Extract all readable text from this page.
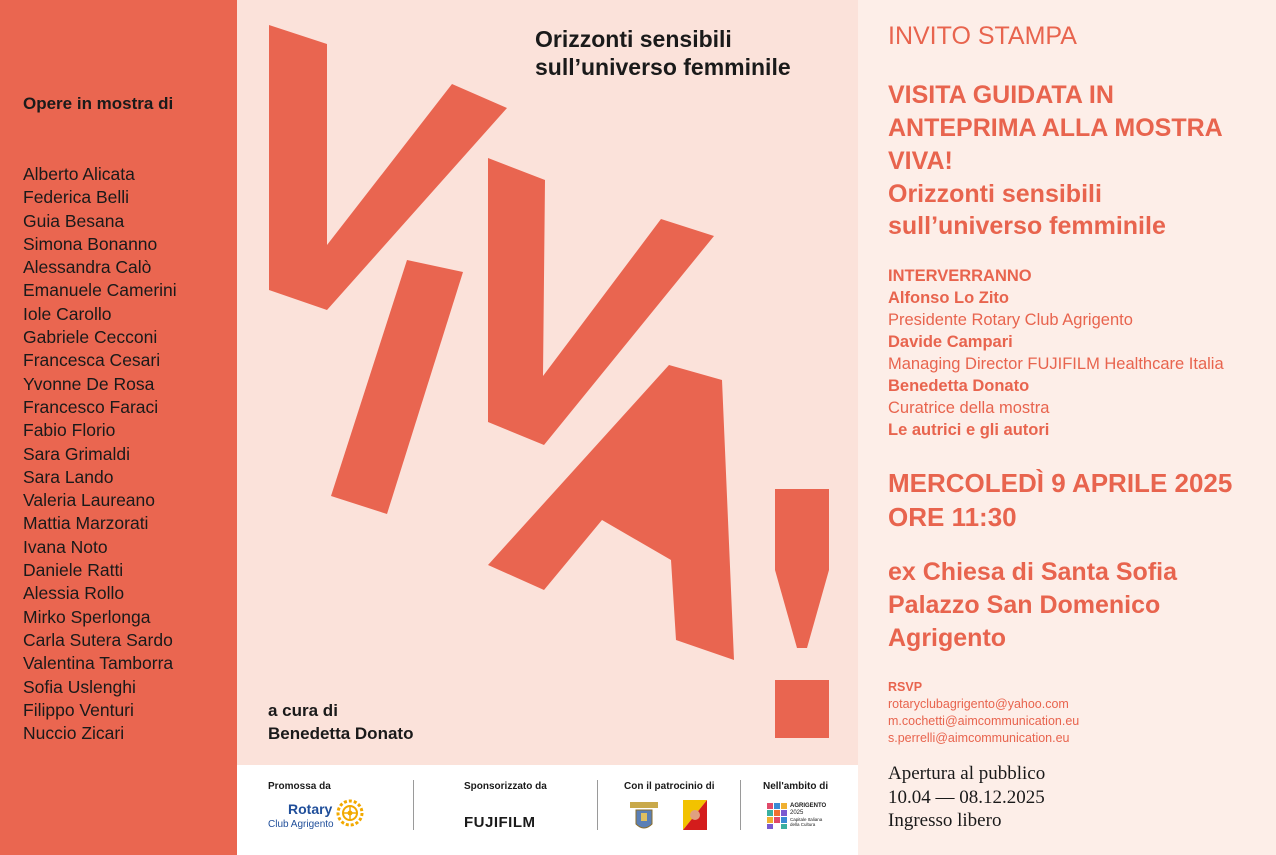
Opere in mostra di
Alberto Alicata
Federica Belli
Guia Besana
Simona Bonanno
Alessandra Calò
Emanuele Camerini
Iole Carollo
Gabriele Cecconi
Francesca Cesari
Yvonne De Rosa
Francesco Faraci
Fabio Florio
Sara Grimaldi
Sara Lando
Valeria Laureano
Mattia Marzorati
Ivana Noto
Daniele Ratti
Alessia Rollo
Mirko Sperlonga
Carla Sutera Sardo
Valentina Tamborra
Sofia Uslenghi
Filippo Venturi
Nuccio Zicari
Orizzonti sensibili
sull’universo femminile
a cura di
Benedetta Donato
Promossa da
Rotary
Club Agrigento
Sponsorizzato da
FUJIFILM
Con il patrocinio di	Nell'ambito di
AGRIGENTO
2025
Capitale Italiana
della Cultura
INVITO STAMPA
VISITA GUIDATA IN
ANTEPRIMA ALLA MOSTRA
VIVA!
Orizzonti sensibili
sull’universo femminile
INTERVERRANNO
Alfonso Lo Zito
Presidente Rotary Club Agrigento
Davide Campari
Managing Director FUJIFILM Healthcare Italia
Benedetta Donato
Curatrice della mostra
Le autrici e gli autori
MERCOLEDÌ 9 APRILE 2025
ORE 11:30
ex Chiesa di Santa Sofia
Palazzo San Domenico
Agrigento
RSVP
rotaryclubagrigento@yahoo.com
m.cochetti@aimcommunication.eu
s.perrelli@aimcommunication.eu
Apertura al pubblico
10.04 — 08.12.2025
Ingresso libero
